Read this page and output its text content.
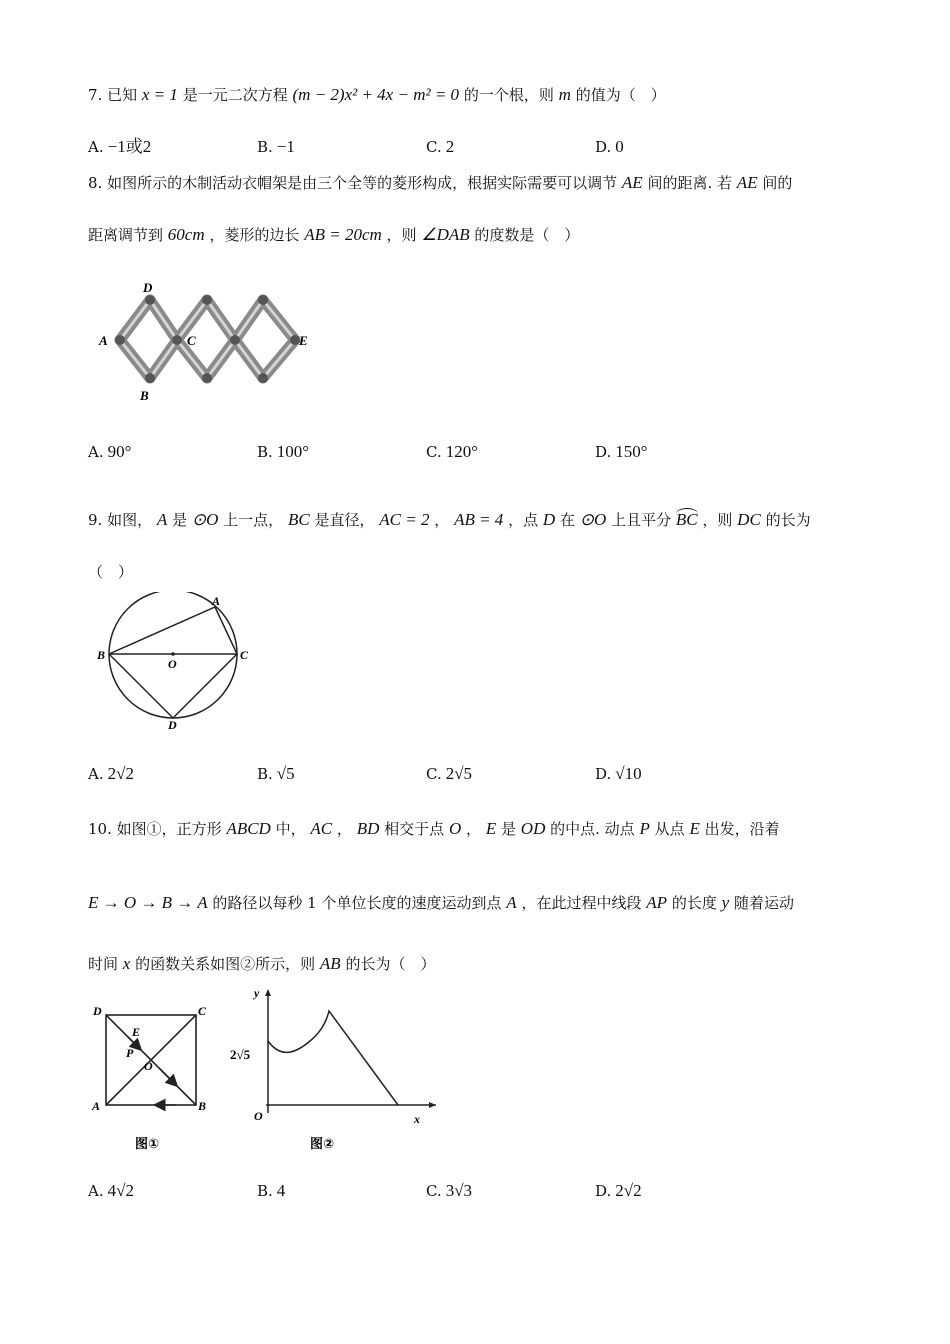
7. 已知 x = 1 是一元二次方程 (m − 2)x² + 4x − m² = 0 的一个根，则 m 的值为（　）
A. −1或2	B. −1	C. 2	D. 0
8. 如图所示的木制活动衣帽架是由三个全等的菱形构成，根据实际需要可以调节 AE 间的距离. 若 AE 间的
距离调节到 60cm ，菱形的边长 AB = 20cm ，则 ∠DAB 的度数是（　）
D
A	C	E
B
A. 90°	B. 100°	C. 120°	D. 150°
9. 如图， A 是 ⊙O 上一点， BC 是直径， AC = 2 ， AB = 4 ，点 D 在 ⊙O 上且平分 BC ，则 DC 的长为
（　）
A
B
O
C
D
A. 2√2	B. √5	C. 2√5	D. √10
10. 如图①，正方形 ABCD 中， AC ， BD 相交于点 O ， E 是 OD 的中点. 动点 P 从点 E 出发，沿着
E → O → B → A 的路径以每秒 1 个单位长度的速度运动到点 A ，在此过程中线段 AP 的长度 y 随着运动
时间 x 的函数关系如图②所示，则 AB 的长为（　）
D	C
E
P
O
A	B
图①
y
2√5
O	x
图②
A. 4√2	B. 4	C. 3√3	D. 2√2
